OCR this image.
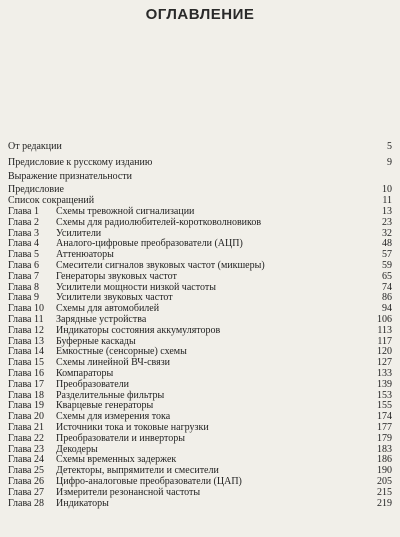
ОГЛАВЛЕНИЕ
От редакции	5
Предисловие к русскому изданию	9
Выражение признательности
Предисловие	10
Список сокращений	11
Глава 1 Схемы тревожной сигнализации	13
Глава 2 Схемы для радиолюбителей-коротковолновиков	23
Глава 3 Усилители	32
Глава 4 Аналого-цифровые преобразователи (АЦП)	48
Глава 5 Аттенюаторы	57
Глава 6 Смесители сигналов звуковых частот (микшеры)	59
Глава 7 Генераторы звуковых частот	65
Глава 8 Усилители мощности низкой частоты	74
Глава 9 Усилители звуковых частот	86
Глава 10 Схемы для автомобилей	94
Глава 11 Зарядные устройства	106
Глава 12 Индикаторы состояния аккумуляторов	113
Глава 13 Буферные каскады	117
Глава 14 Емкостные (сенсорные) схемы	120
Глава 15 Схемы линейной ВЧ-связи	127
Глава 16 Компараторы	133
Глава 17 Преобразователи	139
Глава 18 Разделительные фильтры	153
Глава 19 Кварцевые генераторы	155
Глава 20 Схемы для измерения тока	174
Глава 21 Источники тока и токовые нагрузки	177
Глава 22 Преобразователи и инверторы	179
Глава 23 Декодеры	183
Глава 24 Схемы временных задержек	186
Глава 25 Детекторы, выпрямители и смесители	190
Глава 26 Цифро-аналоговые преобразователи (ЦАП)	205
Глава 27 Измерители резонансной частоты	215
Глава 28 Индикаторы	219
